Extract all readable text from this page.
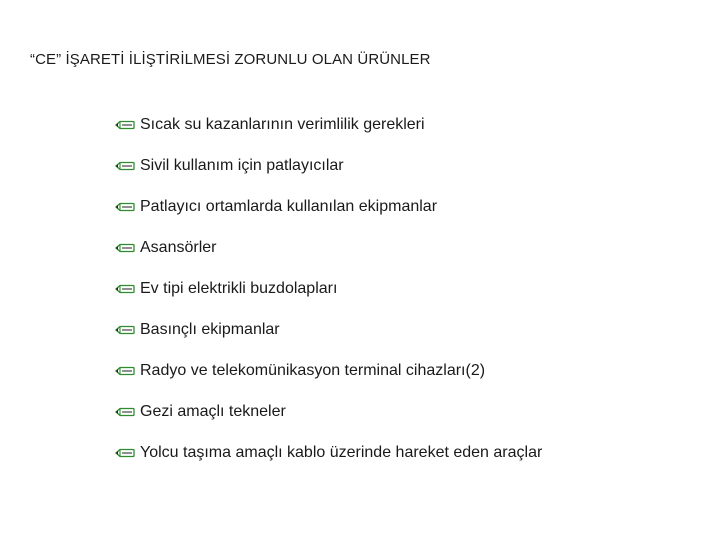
“CE” İŞARETİ İLİŞTİRİLMESİ ZORUNLU OLAN ÜRÜNLER
Sıcak su kazanlarının verimlilik gerekleri
Sivil kullanım için patlayıcılar
Patlayıcı ortamlarda kullanılan ekipmanlar
Asansörler
Ev tipi elektrikli buzdolapları
Basınçlı ekipmanlar
Radyo ve telekomünikasyon terminal cihazları(2)
Gezi amaçlı tekneler
Yolcu taşıma amaçlı kablo üzerinde hareket eden araçlar
